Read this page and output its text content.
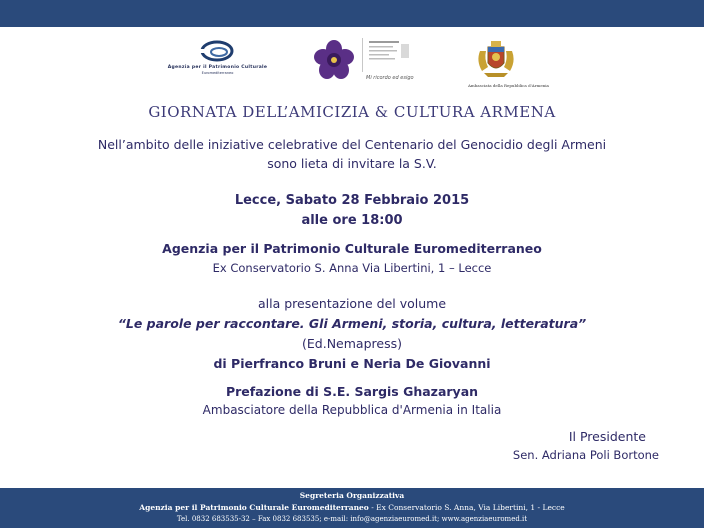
Agenzia per il Patrimonio Culturale
Euromediterraneo
Mi ricordo ed esigo
Ambasciata della Repubblica d'Armenia
GIORNATA DELL’AMICIZIA & CULTURA ARMENA
Nell’ambito delle iniziative celebrative del Centenario del Genocidio degli Armeni
sono lieta di invitare la S.V.
Lecce, Sabato 28 Febbraio 2015
alle ore 18:00
Agenzia per il Patrimonio Culturale Euromediterraneo
Ex Conservatorio S. Anna Via Libertini, 1 – Lecce
alla presentazione del volume
“Le parole per raccontare. Gli Armeni, storia, cultura, letteratura”
(Ed.Nemapress)
di Pierfranco Bruni e Neria De Giovanni
Prefazione di S.E. Sargis Ghazaryan
Ambasciatore della Repubblica d'Armenia in Italia
Il Presidente
Sen. Adriana Poli Bortone
Segreteria Organizzativa
Agenzia per il Patrimonio Culturale Euromediterraneo - Ex Conservatorio S. Anna, Via Libertini, 1 - Lecce
Tel. 0832 683535-32 – Fax 0832 683535; e-mail: info@agenziaeuromed.it; www.agenziaeuromed.it
